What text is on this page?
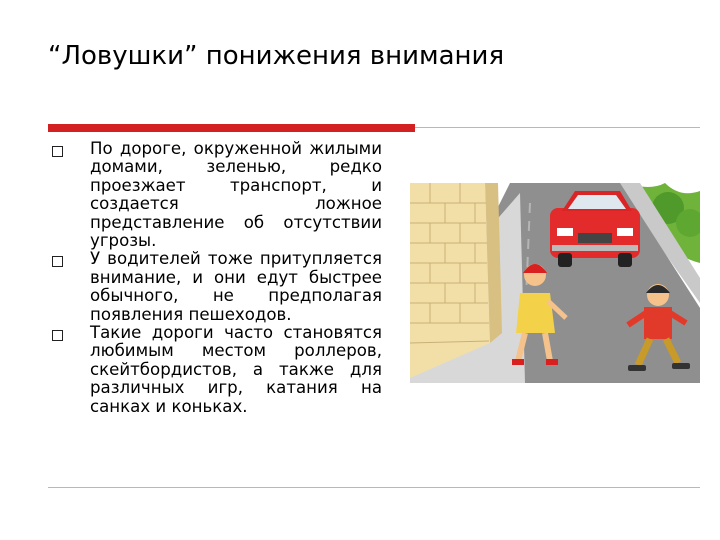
“Ловушки” понижения внимания
По дороге, окруженной жилыми домами, зеленью, редко проезжает транспорт, и создается ложное представление об отсутствии угрозы.
У водителей тоже притупляется внимание, и они едут быстрее обычного, не предполагая появления пешеходов.
Такие дороги часто становятся любимым местом роллеров, скейтбордистов, а также для различных игр, катания на санках и коньках.
